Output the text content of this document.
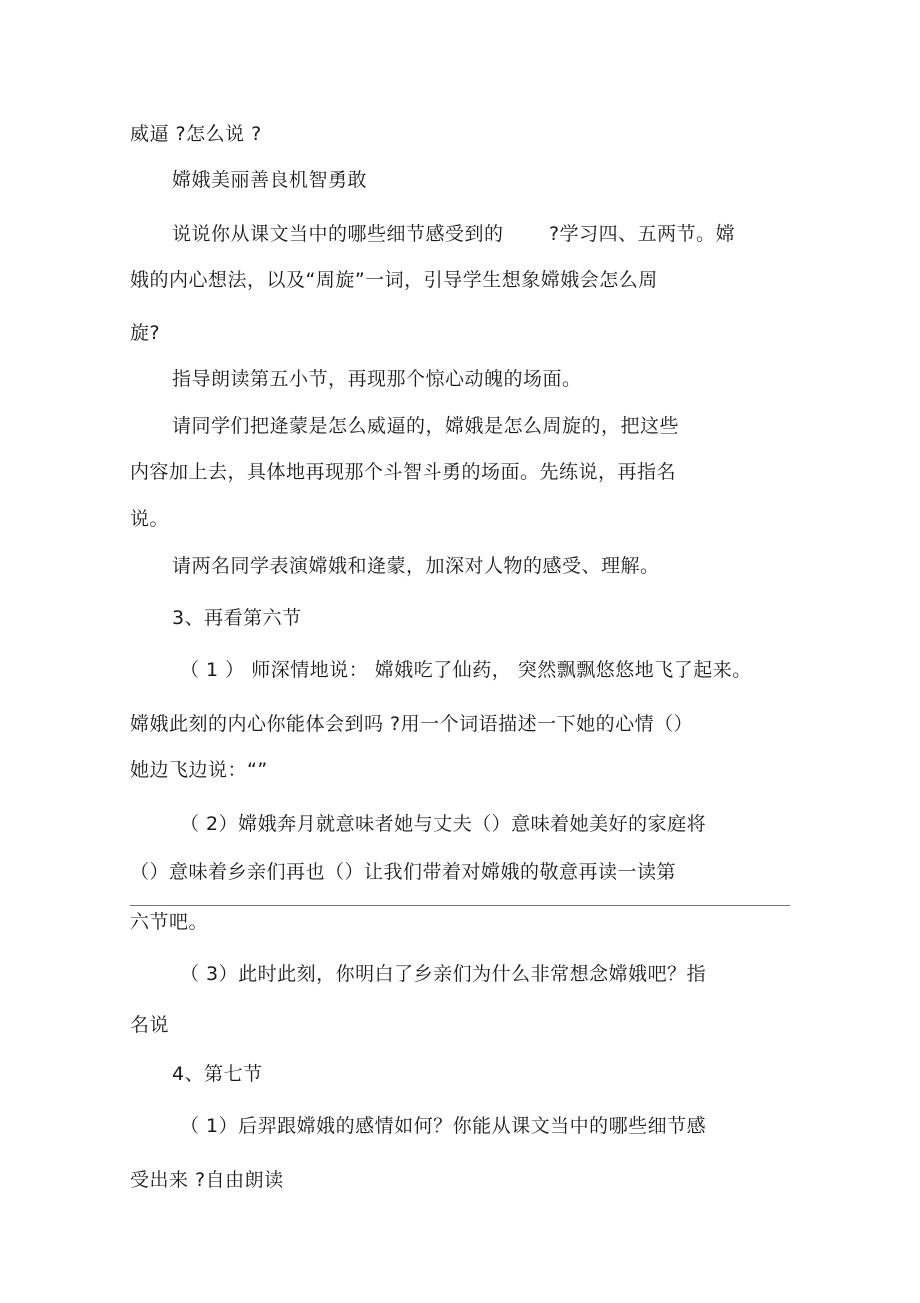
威逼 ?怎么说 ?
嫦娥美丽善良机智勇敢
说说你从课文当中的哪些细节感受到的　　 ?学习四、五两节。嫦
娥的内心想法，以及“周旋”一词，引导学生想象嫦娥会怎么周
旋?
指导朗读第五小节，再现那个惊心动魄的场面。
请同学们把逄蒙是怎么威逼的，嫦娥是怎么周旋的，把这些
内容加上去，具体地再现那个斗智斗勇的场面。先练说，再指名
说。
请两名同学表演嫦娥和逄蒙，加深对人物的感受、理解。
3、再看第六节
（ 1 ） 师深情地说： 嫦娥吃了仙药， 突然飘飘悠悠地飞了起来。
嫦娥此刻的内心你能体会到吗 ?用一个词语描述一下她的心情（）
她边飞边说：“”
（ 2）嫦娥奔月就意味者她与丈夫（）意味着她美好的家庭将
（）意味着乡亲们再也（）让我们带着对嫦娥的敬意再读一读第
六节吧。
（ 3）此时此刻，你明白了乡亲们为什么非常想念嫦娥吧？指
名说
4、第七节
（ 1）后羿跟嫦娥的感情如何？你能从课文当中的哪些细节感
受出来 ?自由朗读
